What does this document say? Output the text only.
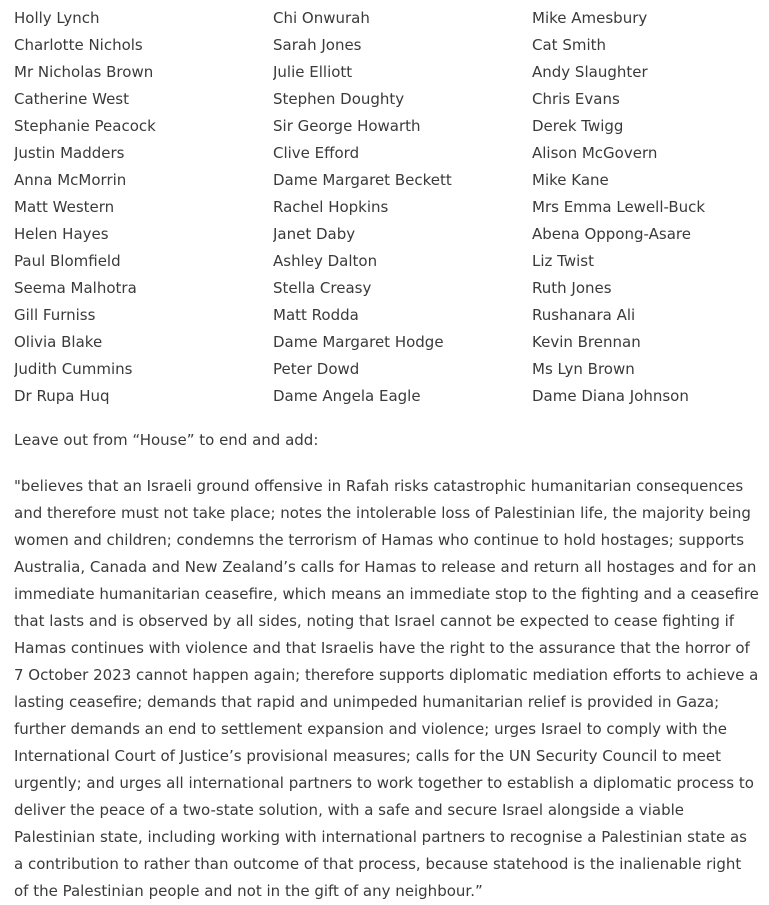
Holly Lynch
Charlotte Nichols
Mr Nicholas Brown
Catherine West
Stephanie Peacock
Justin Madders
Anna McMorrin
Matt Western
Helen Hayes
Paul Blomfield
Seema Malhotra
Gill Furniss
Olivia Blake
Judith Cummins
Dr Rupa Huq
Chi Onwurah
Sarah Jones
Julie Elliott
Stephen Doughty
Sir George Howarth
Clive Efford
Dame Margaret Beckett
Rachel Hopkins
Janet Daby
Ashley Dalton
Stella Creasy
Matt Rodda
Dame Margaret Hodge
Peter Dowd
Dame Angela Eagle
Mike Amesbury
Cat Smith
Andy Slaughter
Chris Evans
Derek Twigg
Alison McGovern
Mike Kane
Mrs Emma Lewell-Buck
Abena Oppong-Asare
Liz Twist
Ruth Jones
Rushanara Ali
Kevin Brennan
Ms Lyn Brown
Dame Diana Johnson
Leave out from “House” to end and add:

"believes that an Israeli ground offensive in Rafah risks catastrophic humanitarian consequences and therefore must not take place; notes the intolerable loss of Palestinian life, the majority being women and children; condemns the terrorism of Hamas who continue to hold hostages; supports Australia, Canada and New Zealand’s calls for Hamas to release and return all hostages and for an immediate humanitarian ceasefire, which means an immediate stop to the fighting and a ceasefire that lasts and is observed by all sides, noting that Israel cannot be expected to cease fighting if Hamas continues with violence and that Israelis have the right to the assurance that the horror of 7 October 2023 cannot happen again; therefore supports diplomatic mediation efforts to achieve a lasting ceasefire; demands that rapid and unimpeded humanitarian relief is provided in Gaza; further demands an end to settlement expansion and violence; urges Israel to comply with the International Court of Justice’s provisional measures; calls for the UN Security Council to meet urgently; and urges all international partners to work together to establish a diplomatic process to deliver the peace of a two-state solution, with a safe and secure Israel alongside a viable Palestinian state, including working with international partners to recognise a Palestinian state as a contribution to rather than outcome of that process, because statehood is the inalienable right of the Palestinian people and not in the gift of any neighbour.”
